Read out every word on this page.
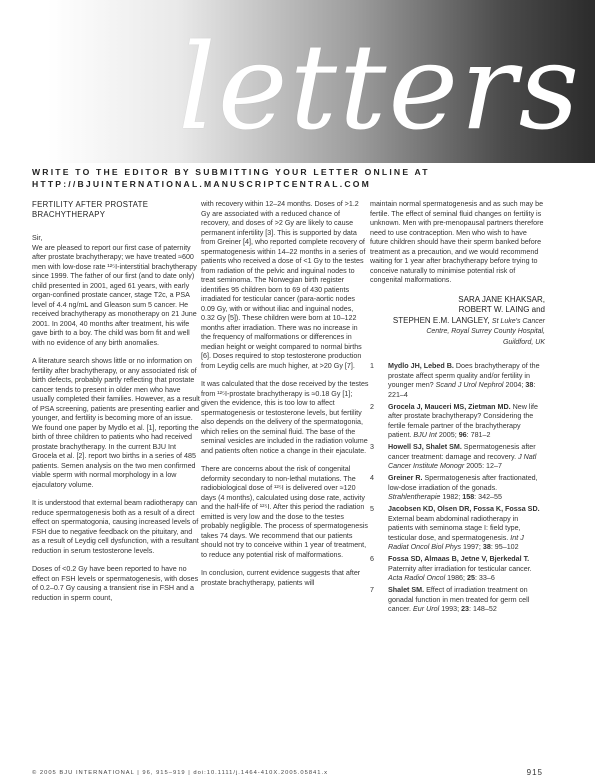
letters
WRITE TO THE EDITOR BY SUBMITTING YOUR LETTER ONLINE AT
HTTP://BJUINTERNATIONAL.MANUSCRIPTCENTRAL.COM
FERTILITY AFTER PROSTATE BRACHYTHERAPY

Sir,

We are pleased to report our first case of paternity after prostate brachytherapy; we have treated ≈600 men with low-dose rate ¹²⁵I-interstitial brachytherapy since 1999. The father of our first (and to date only) child presented in 2001, aged 61 years, with early organ-confined prostate cancer, stage T2c, a PSA level of 4.4 ng/mL and Gleason sum 5 cancer. He received brachytherapy as monotherapy on 21 June 2001. In 2004, 40 months after treatment, his wife gave birth to a boy. The child was born fit and well with no evidence of any birth anomalies.

A literature search shows little or no information on fertility after brachytherapy, or any associated risk of birth defects, probably partly reflecting that prostate cancer tends to present in older men who have usually completed their families. However, as a result of PSA screening, patients are presenting earlier and younger, and fertility is becoming more of an issue. We found one paper by Mydlo et al. [1], reporting the birth of three children to patients who had received prostate brachytherapy. In the current BJU Int Grocela et al. [2]. report two births in a series of 485 patients. Semen analysis on the two men confirmed viable sperm with normal morphology in a low ejaculatory volume.

It is understood that external beam radiotherapy can reduce spermatogenesis both as a result of a direct effect on spermatogonia, causing increased levels of FSH due to negative feedback on the pituitary, and as a result of Leydig cell dysfunction, with a resultant reduction in serum testosterone levels.

Doses of <0.2 Gy have been reported to have no effect on FSH levels or spermatogenesis, with doses of 0.2–0.7 Gy causing a transient rise in FSH and a reduction in sperm count,

with recovery within 12–24 months. Doses of >1.2 Gy are associated with a reduced chance of recovery, and doses of >2 Gy are likely to cause permanent infertility [3]. This is supported by data from Greiner [4], who reported complete recovery of spermatogenesis within 14–22 months in a series of patients who received a dose of <1 Gy to the testes from radiation of the pelvic and inguinal nodes to treat seminoma. The Norwegian birth register identifies 95 children born to 69 of 430 patients irradiated for testicular cancer (para-aortic nodes 0.09 Gy, with or without iliac and inguinal nodes, 0.32 Gy [5]). These children were born at 10–122 months after irradiation. There was no increase in the frequency of malformations or differences in median height or weight compared to normal births [6]. Doses required to stop testosterone production from Leydig cells are much higher, at >20 Gy [7].

It was calculated that the dose received by the testes from ¹²⁵I-prostate brachytherapy is ≈0.18 Gy [1]; given the evidence, this is too low to affect spermatogenesis or testosterone levels, but fertility also depends on the delivery of the spermatogonia, which relies on the seminal fluid. The base of the seminal vesicles are included in the radiation volume and patients often notice a change in their ejaculate.

There are concerns about the risk of congenital deformity secondary to non-lethal mutations. The radiobiological dose of ¹²⁵I is delivered over ≈120 days (4 months), calculated using dose rate, activity and the half-life of ¹²⁵I. After this period the radiation emitted is very low and the dose to the testes probably negligible. The process of spermatogenesis takes 74 days. We recommend that our patients should not try to conceive within 1 year of treatment, to reduce any potential risk of malformations.

In conclusion, current evidence suggests that after prostate brachytherapy, patients will

maintain normal spermatogenesis and as such may be fertile. The effect of seminal fluid changes on fertility is unknown. Men with pre-menopausal partners therefore need to use contraception. Men who wish to have future children should have their sperm banked before treatment as a precaution, and we would recommend waiting for 1 year after brachytherapy before trying to conceive naturally to minimise potential risk of congenital malformations.

SARA JANE KHAKSAR,
ROBERT W. LAING and
STEPHEN E.M. LANGLEY, St Luke's Cancer
Centre, Royal Surrey County Hospital,
Guildford, UK
1 Mydlo JH, Lebed B. Does brachytherapy of the prostate affect sperm quality and/or fertility in younger men? Scand J Urol Nephrol 2004; 38: 221–4
2 Grocela J, Mauceri MS, Zietman MD. New life after prostate brachytherapy? Considering the fertile female partner of the brachytherapy patient. BJU Int 2005; 96: 781–2
3 Howell SJ, Shalet SM. Spermatogenesis after cancer treatment: damage and recovery. J Natl Cancer Institute Monogr 2005: 12–7
4 Greiner R. Spermatogenesis after fractionated, low-dose irradiation of the gonads. Strahlentherapie 1982; 158: 342–55
5 Jacobsen KD, Olsen DR, Fossa K, Fossa SD. External beam abdominal radiotherapy in patients with seminoma stage I: field type, testicular dose, and spermatogenesis. Int J Radiat Oncol Biol Phys 1997; 38: 95–102
6 Fossa SD, Almaas B, Jetne V, Bjerkedal T. Paternity after irradiation for testicular cancer. Acta Radiol Oncol 1986; 25: 33–6
7 Shalet SM. Effect of irradiation treatment on gonadal function in men treated for germ cell cancer. Eur Urol 1993; 23: 148–52
© 2005 BJU INTERNATIONAL | 96, 915–919 | doi:10.1111/j.1464-410X.2005.05841.x	915
